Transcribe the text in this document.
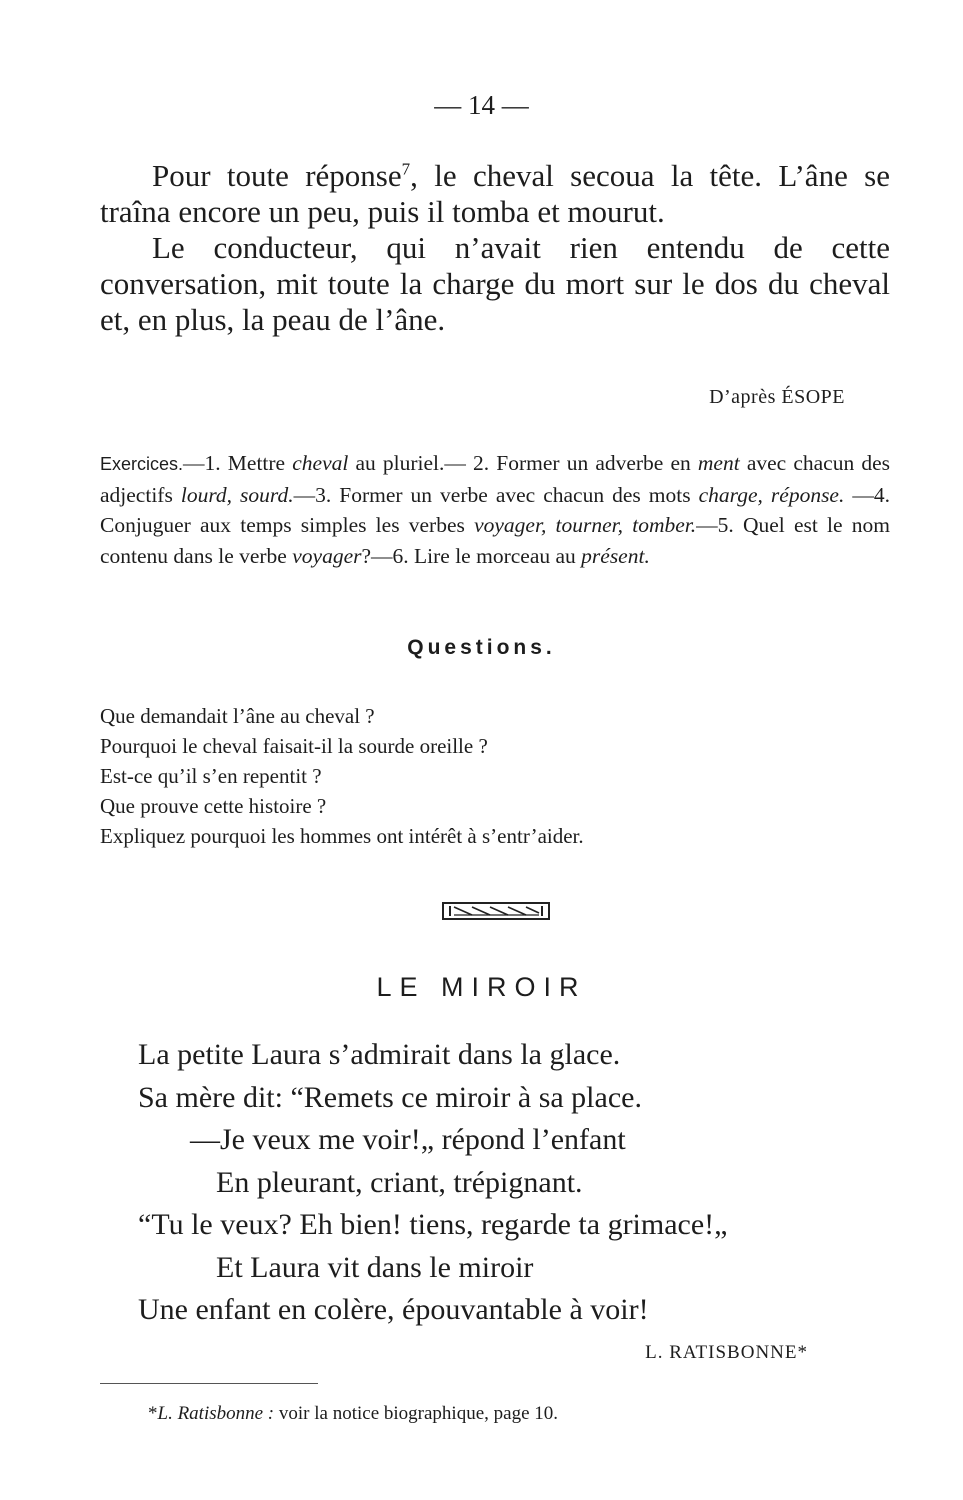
— 14 —

Pour toute réponse$^7$, le cheval secoua la tête. L’âne se traîna encore un peu, puis il tomba et mourut.

Le conducteur, qui n’avait rien entendu de cette conversation, mit toute la charge du mort sur le dos du cheval et, en plus, la peau de l’âne.

D’après ÉSOPE
Exercices.—1. Mettre cheval au pluriel.— 2. Former un adverbe en ment avec chacun des adjectifs lourd, sourd.—3. Former un verbe avec chacun des mots charge, réponse. —4. Conjuguer aux temps simples les verbes voyager, tourner, tomber.—5. Quel est le nom contenu dans le verbe voyager?—6. Lire le morceau au présent.
Questions.
Que demandait l’âne au cheval ?
Pourquoi le cheval faisait-il la sourde oreille ?
Est-ce qu’il s’en repentit ?
Que prouve cette histoire ?
Expliquez pourquoi les hommes ont intérêt à s’entr’aider.
LE MIROIR
La petite Laura s’admirait dans la glace.
Sa mère dit: “Remets ce miroir à sa place.
—Je veux me voir!„ répond l’enfant
En pleurant, criant, trépignant.
“Tu le veux? Eh bien! tiens, regarde ta grimace!„
Et Laura vit dans le miroir
Une enfant en colère, épouvantable à voir!
L. RATISBONNE*
*L. Ratisbonne : voir la notice biographique, page 10.
